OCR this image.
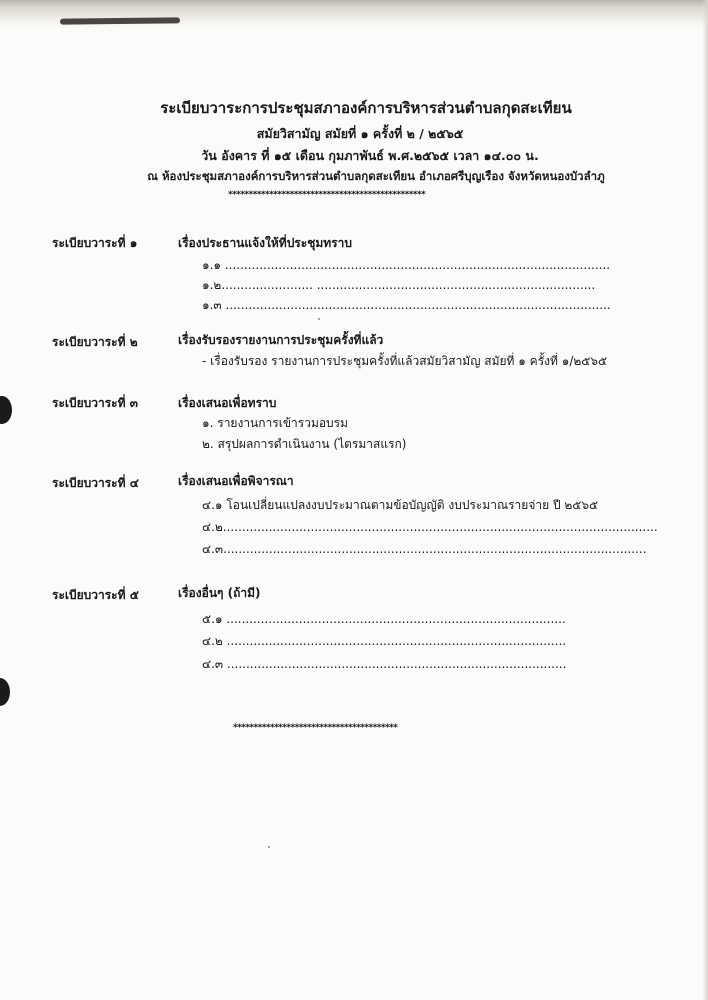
ระเบียบวาระการประชุมสภาองค์การบริหารส่วนตำบลกุดสะเทียน
สมัยวิสามัญ สมัยที่ ๑ ครั้งที่ ๒ / ๒๕๖๕
วัน อังคาร ที่ ๑๕ เดือน กุมภาพันธ์ พ.ศ.๒๕๖๕ เวลา ๑๔.๐๐ น.
ณ ห้องประชุมสภาองค์การบริหารส่วนตำบลกุดสะเทียน อำเภอศรีบุญเรือง จังหวัดหนองบัวลำภู
************************************************
ระเบียบวาระที่ ๑	เรื่องประธานแจ้งให้ที่ประชุมทราบ
๑.๑ .....................................................................................................
๑.๒........................ .........................................................................
๑.๓ .....................................................................................................
ระเบียบวาระที่ ๒	เรื่องรับรองรายงานการประชุมครั้งที่แล้ว
- เรื่องรับรอง รายงานการประชุมครั้งที่แล้วสมัยวิสามัญ สมัยที่ ๑ ครั้งที่ ๑/๒๕๖๕
ระเบียบวาระที่ ๓	เรื่องเสนอเพื่อทราบ
๑. รายงานการเข้ารวมอบรม
๒. สรุปผลการดำเนินงาน (ไตรมาสแรก)
ระเบียบวาระที่ ๔	เรื่องเสนอเพื่อพิจารณา
๔.๑ โอนเปลี่ยนแปลงงบประมาณตามข้อบัญญัติ งบประมาณรายจ่าย ปี ๒๕๖๕
๔.๒..................................................................................................................
๔.๓...............................................................................................................
ระเบียบวาระที่ ๕	เรื่องอื่นๆ (ถ้ามี)
๕.๑ .........................................................................................
๔.๒ .........................................................................................
๔.๓ .........................................................................................
****************************************
